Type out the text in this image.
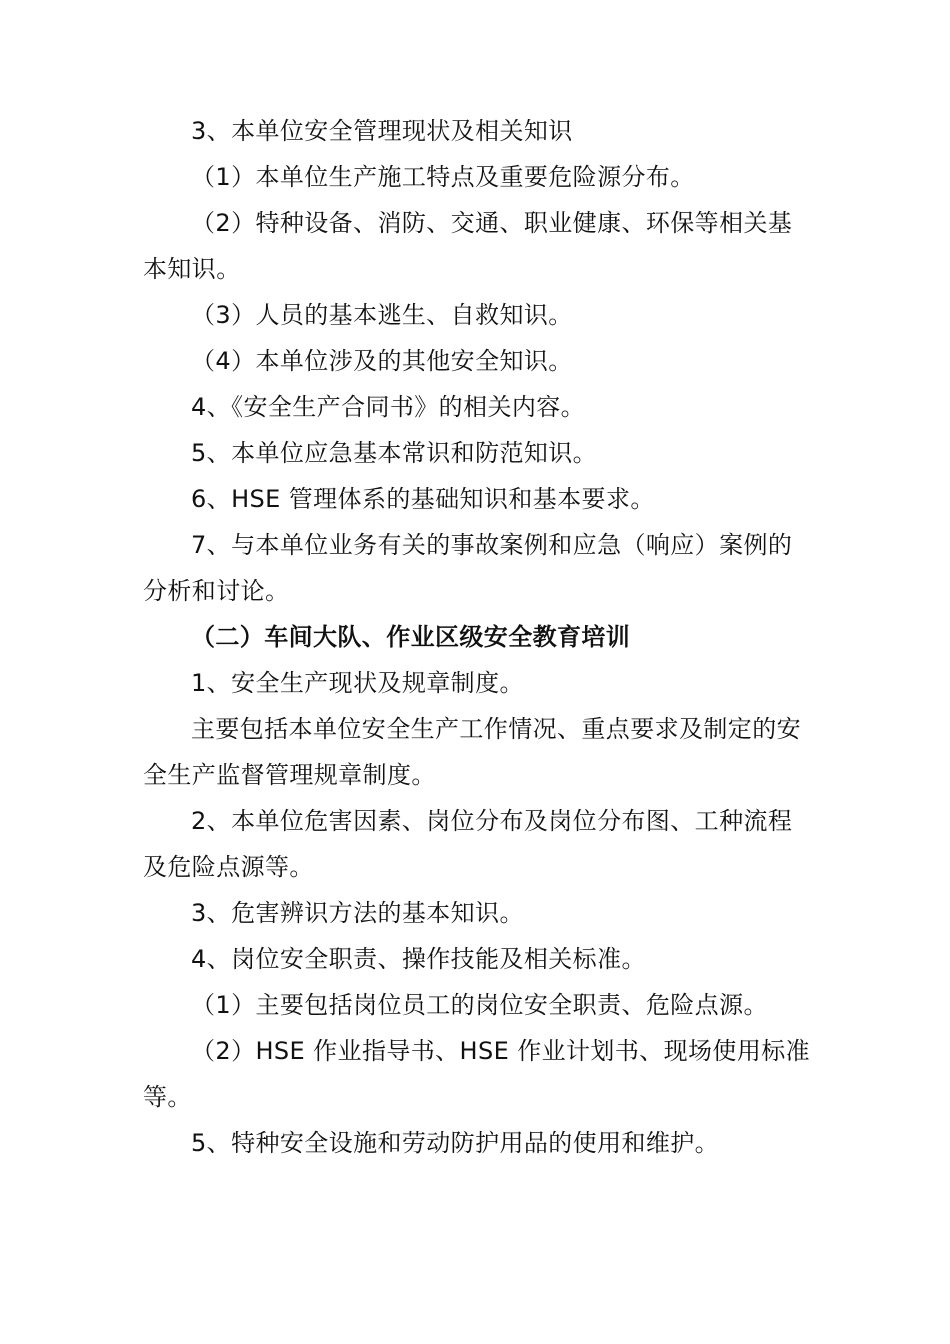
3、本单位安全管理现状及相关知识

（1）本单位生产施工特点及重要危险源分布。

（2）特种设备、消防、交通、职业健康、环保等相关基本知识。

（3）人员的基本逃生、自救知识。

（4）本单位涉及的其他安全知识。

4、《安全生产合同书》的相关内容。

5、本单位应急基本常识和防范知识。

6、HSE 管理体系的基础知识和基本要求。

7、与本单位业务有关的事故案例和应急（响应）案例的分析和讨论。

（二）车间大队、作业区级安全教育培训

1、安全生产现状及规章制度。

主要包括本单位安全生产工作情况、重点要求及制定的安全生产监督管理规章制度。

2、本单位危害因素、岗位分布及岗位分布图、工种流程及危险点源等。

3、危害辨识方法的基本知识。

4、岗位安全职责、操作技能及相关标准。

（1）主要包括岗位员工的岗位安全职责、危险点源。

（2）HSE 作业指导书、HSE 作业计划书、现场使用标准等。

5、特种安全设施和劳动防护用品的使用和维护。
